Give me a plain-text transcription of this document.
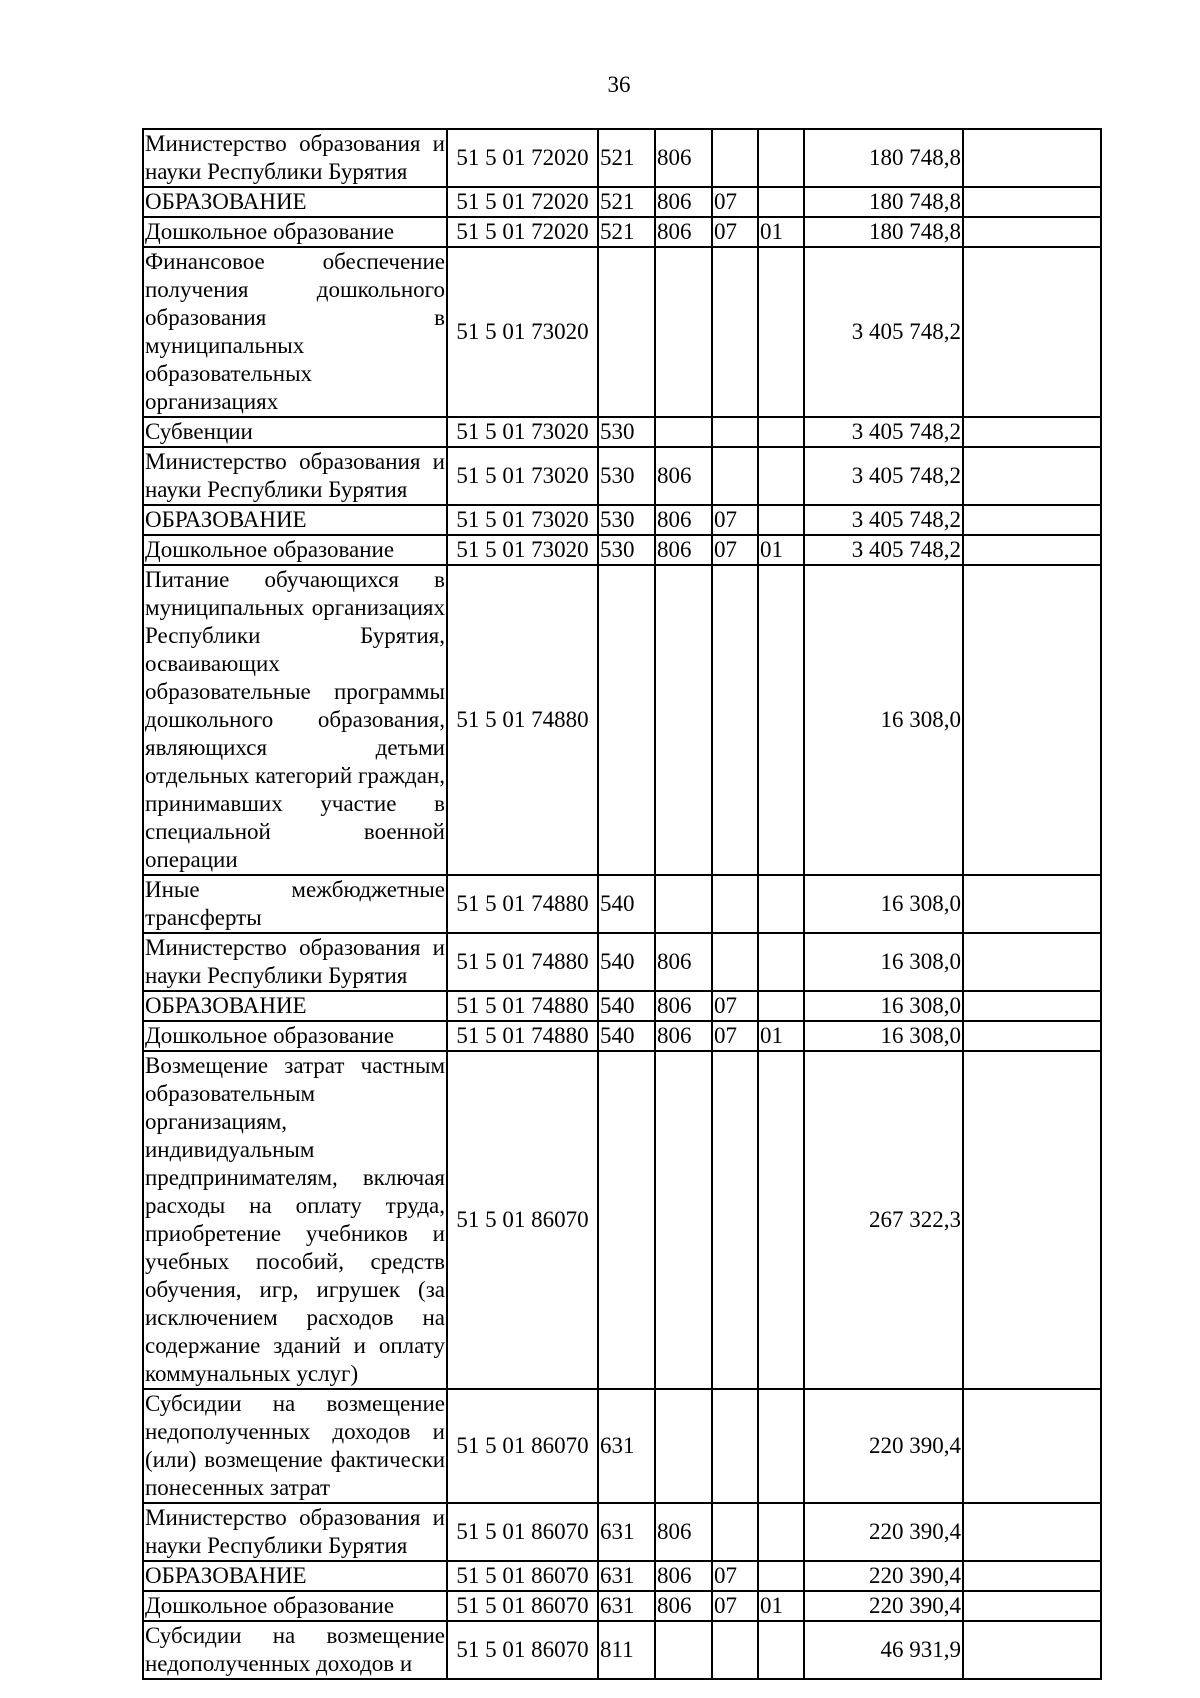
36
Министерство образования и науки Республики Бурятия	51 5 01 72020	521	806			180 748,8	
ОБРАЗОВАНИЕ	51 5 01 72020	521	806	07		180 748,8	
Дошкольное образование	51 5 01 72020	521	806	07	01	180 748,8	
Финансовое обеспечение получения дошкольного образования в муниципальных образовательных организациях	51 5 01 73020					3 405 748,2	
Субвенции	51 5 01 73020	530				3 405 748,2	
Министерство образования и науки Республики Бурятия	51 5 01 73020	530	806			3 405 748,2	
ОБРАЗОВАНИЕ	51 5 01 73020	530	806	07		3 405 748,2	
Дошкольное образование	51 5 01 73020	530	806	07	01	3 405 748,2	
Питание обучающихся в муниципальных организациях Республики Бурятия, осваивающих образовательные программы дошкольного образования, являющихся детьми отдельных категорий граждан, принимавших участие в специальной военной операции	51 5 01 74880					16 308,0	
Иные межбюджетные трансферты	51 5 01 74880	540				16 308,0	
Министерство образования и науки Республики Бурятия	51 5 01 74880	540	806			16 308,0	
ОБРАЗОВАНИЕ	51 5 01 74880	540	806	07		16 308,0	
Дошкольное образование	51 5 01 74880	540	806	07	01	16 308,0	
Возмещение затрат частным образовательным организациям, индивидуальным предпринимателям, включая расходы на оплату труда, приобретение учебников и учебных пособий, средств обучения, игр, игрушек (за исключением расходов на содержание зданий и оплату коммунальных услуг)	51 5 01 86070					267 322,3	
Субсидии на возмещение недополученных доходов и (или) возмещение фактически понесенных затрат	51 5 01 86070	631				220 390,4	
Министерство образования и науки Республики Бурятия	51 5 01 86070	631	806			220 390,4	
ОБРАЗОВАНИЕ	51 5 01 86070	631	806	07		220 390,4	
Дошкольное образование	51 5 01 86070	631	806	07	01	220 390,4	
Субсидии на возмещение недополученных доходов и	51 5 01 86070	811				46 931,9	
